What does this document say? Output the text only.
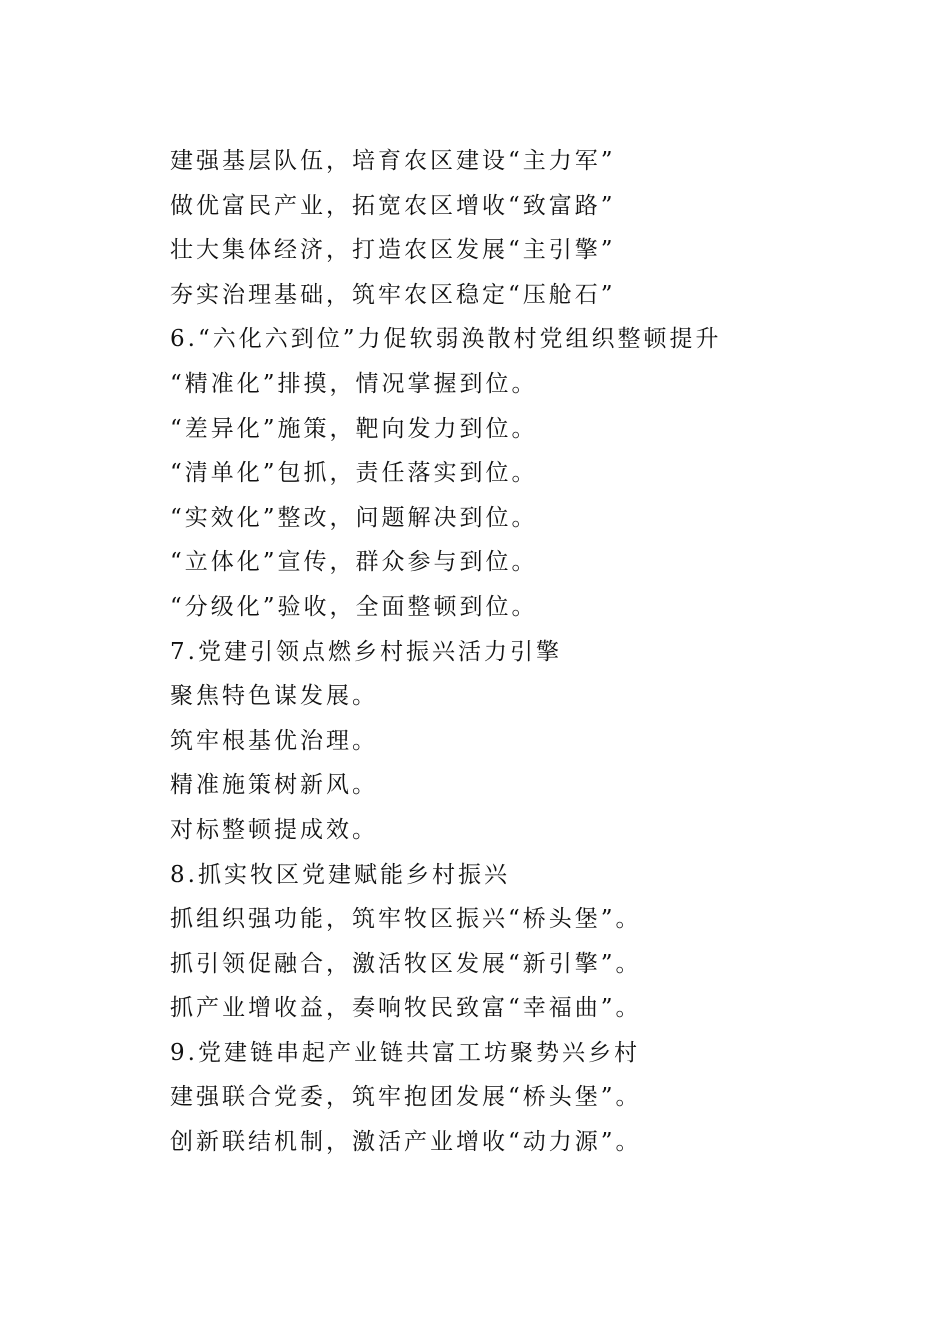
建强基层队伍，培育农区建设“主力军”
做优富民产业，拓宽农区增收“致富路”
壮大集体经济，打造农区发展“主引擎”
夯实治理基础，筑牢农区稳定“压舱石”
6.“六化六到位”力促软弱涣散村党组织整顿提升
“精准化”排摸，情况掌握到位。
“差异化”施策，靶向发力到位。
“清单化”包抓，责任落实到位。
“实效化”整改，问题解决到位。
“立体化”宣传，群众参与到位。
“分级化”验收，全面整顿到位。
7.党建引领点燃乡村振兴活力引擎
聚焦特色谋发展。
筑牢根基优治理。
精准施策树新风。
对标整顿提成效。
8.抓实牧区党建赋能乡村振兴
抓组织强功能，筑牢牧区振兴“桥头堡”。
抓引领促融合，激活牧区发展“新引擎”。
抓产业增收益，奏响牧民致富“幸福曲”。
9.党建链串起产业链共富工坊聚势兴乡村
建强联合党委，筑牢抱团发展“桥头堡”。
创新联结机制，激活产业增收“动力源”。
